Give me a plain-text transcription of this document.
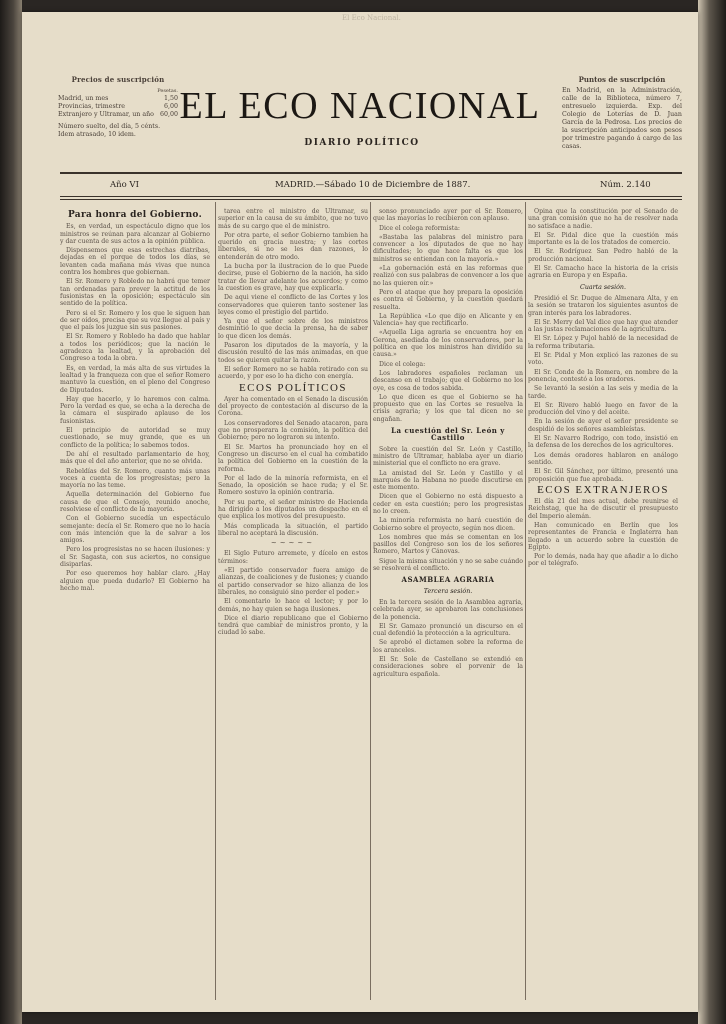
El Eco Nacional.
Precios de suscripción
Pesetas.
Madrid, un mes	1,50
Provincias, trimestre	6,00
Extranjero y Ultramar, un año 60,00
Número suelto, del día, 5 cénts. Idem atrasado, 10 idem.
EL ECO NACIONAL
DIARIO POLÍTICO
Puntos de suscripción
En Madrid, en la Administración, calle de la Biblioteca, número 7, entresuelo izquierda. Exp. del Colegio de Loterías de D. Juan García de la Pedrosa. Los precios de la suscripción anticipados son pesos por trimestre pagando á cargo de las casas.
Año VI	MADRID.—Sábado 10 de Diciembre de 1887.	Núm. 2.140
Para honra del Gobierno.

Es, en verdad, un espectáculo digno que los ministros se reúnan para alcanzar al Gobierno y dar cuenta de sus actos a la opinión pública.

Dispensemos que esas estrechas diatribas, dejadas en el porque de todos los días, se levanten cada mañana más vivas que nunca contra los hombres que gobiernan.

El Sr. Romero y Robledo no habrá que temer tan ordenadas para prever la actitud de los fusionistas en la oposición; espectáculo sin sentido de la política.

Pero si el Sr. Romero y los que le siguen han de ser oídos, precisa que su voz llegue al país y que el país los juzgue sin sus pasiones.

El Sr. Romero y Robledo ha dado que hablar a todos los periódicos; que la nación le agradezca la lealtad, y la aprobación del Congreso a toda la obra.

Es, en verdad, la más alta de sus virtudes la lealtad y la franqueza con que el señor Romero mantuvo la cuestión, en el pleno del Congreso de Diputados.

Hay que hacerlo, y lo haremos con calma. Pero la verdad es que, se echa a la derecha de la cámara el suspirado aplauso de los fusionistas.

El principio de autoridad se muy cuestionado, se muy grande, que es un conflicto de la política; lo sabemos todos.

De ahí el resultado parlamentario de hoy, más que el del año anterior, que no se olvida.

Rebeldías del Sr. Romero, cuanto más unas voces a cuenta de los progresistas; pero la mayoría no las teme.

Aquella determinación del Gobierno fue causa de que el Consejo, reunido anoche, resolviese el conflicto de la mayoría.

Con el Gobierno sucedía un espectáculo semejante: decía el Sr. Romero que no lo hacía con más intención que la de salvar a los amigos.

Pero los progresistas no se hacen ilusiones: y el Sr. Sagasta, con sus aciertos, no consigue disiparlas.

Por eso queremos hoy hablar claro. ¿Hay alguien que pueda dudarlo? El Gobierno ha hecho mal.

tarea entre el ministro de Ultramar, su superior en la causa de su ámbito, que no tuvo más de su cargo que el de ministro.

Por otra parte, el señor Gobierno tambien ha querido en gracia nuestra; y las cortes liberales, si no se les dan razones, lo entenderán de otro modo.

La bucha por la ilustracion de lo que Puede decirse, puse el Gobierno de la nación, ha sido tratar de llevar adelante los acuerdos; y como la cuestion es grave, hay que explicarla.

De aqui viene el conflicto de las Cortes y los conservadores que quieren tanto sostener las leyes como el prestigio del partido.

Ya que el señor sobre de los ministros desmintió lo que decia la prensa, ha de saber lo que dicen los demás.

Pasaron los diputados de la mayoría, y la discusión resultó de las más animadas, en que todos se quieren quitar la razón.

El señor Romero no se habla retirado con su acuerdo, y por eso lo ha dicho con energía.

ECOS POLÍTICOS

Ayer ha comentado en el Senado la discusión del proyecto de contestación al discurso de la Corona.

Los conservadores del Senado atacaron, para que no prosperara la comisión, la política del Gobierno; pero no lograron su intento.

El Sr. Martos ha pronunciado hoy en el Congreso un discurso en el cual ha combatido la política del Gobierno en la cuestión de la reforma.

Por el lado de la minoría reformista, en el Senado, la oposición se hace ruda; y el Sr. Romero sostuvo la opinión contraria.

Por su parte, el señor ministro de Hacienda ha dirigido a los diputados un despacho en el que explica los motivos del presupuesto.

Más complicada la situación, el partido liberal no aceptará la discusión.

~~~~~

El Siglo Futuro arremete, y dícelo en estos términos:

«El partido conservador fuera amigo de alianzas, de coaliciones y de fusiones; y cuando el partido conservador se hizo alianza de los liberales, no consiguió sino perder el poder.»

El comentario lo hace el lector; y por lo demás, no hay quien se haga ilusiones.

Dice el diario republicano que el Gobierno tendrá que cambiar de ministros pronto, y la ciudad lo sabe.

sonso pronunciado ayer por el Sr. Romero, que las mayorías lo recibieron con aplauso.

Dice el colega reformista:

«Bastaba las palabras del ministro para convencer a los diputados de que no hay dificultades; lo que hace falta es que los ministros se entiendan con la mayoría.»

«La gobernación está en las reformas que realizó con sus palabras de convencer a los que no las quieren oír.»

Pero el ataque que hoy prepara la oposición es contra el Gobierno, y la cuestión quedará resuelta.

La República «Lo que dijo en Alicante y en Valencia» hay que rectificarlo.

«Aquella Liga agraria se encuentra hoy en Gerona, asediada de los conservadores, por la política en que los ministros han dividido su causa.»

Dice el colega:

Los labradores españoles reclaman un descanso en el trabajo; que el Gobierno no los oye, es cosa de todos sabida.

Lo que dicen es que el Gobierno se ha propuesto que en las Cortes se resuelva la crisis agraria; y los que tal dicen no se engañan.

La cuestión del Sr. León y Castillo

Sobre la cuestión del Sr. León y Castillo, ministro de Ultramar, hablaba ayer un diario ministerial que el conflicto no era grave.

La amistad del Sr. León y Castillo y el marqués de la Habana no puede discutirse en este momento.

Dicen que el Gobierno no está dispuesto a ceder en esta cuestión; pero los progresistas no lo creen.

La minoría reformista no hará cuestión de Gobierno sobre el proyecto, según nos dicen.

Los nombres que más se comentan en los pasillos del Congreso son los de los señores Romero, Martos y Cánovas.

Sigue la misma situación y no se sabe cuándo se resolverá el conflicto.

ASAMBLEA AGRARIA
Tercera sesión.

En la tercera sesión de la Asamblea agraria, celebrada ayer, se aprobaron las conclusiones de la ponencia.

El Sr. Gamazo pronunció un discurso en el cual defendió la protección a la agricultura.

Se aprobó el dictamen sobre la reforma de los aranceles.

El Sr. Sole de Castellano se extendió en consideraciones sobre el porvenir de la agricultura española.

Opina que la constitución por el Senado de una gran comisión que no ha de resolver nada no satisface a nadie.

El Sr. Pidal dice que la cuestión más importante es la de los tratados de comercio.

El Sr. Rodríguez San Pedro habló de la producción nacional.

El Sr. Camacho hace la historia de la crisis agraria en Europa y en España.

Cuarta sesión.

Presidió el Sr. Duque de Almenara Alta, y en la sesión se trataron los siguientes asuntos de gran interés para los labradores.

El Sr. Merry del Val dice que hay que atender a las justas reclamaciones de la agricultura.

El Sr. López y Pujol habló de la necesidad de la reforma tributaria.

El Sr. Pidal y Mon explicó las razones de su voto.

El Sr. Conde de la Romera, en nombre de la ponencia, contestó a los oradores.

Se levantó la sesión a las seis y media de la tarde.

El Sr. Rivero habló luego en favor de la producción del vino y del aceite.

En la sesión de ayer el señor presidente se despidió de los señores asambleístas.

El Sr. Navarro Rodrigo, con todo, insistió en la defensa de los derechos de los agricultores.

Los demás oradores hablaron en análogo sentido.

El Sr. Gil Sánchez, por último, presentó una proposición que fue aprobada.

ECOS EXTRANJEROS

El día 21 del mes actual, debe reunirse el Reichstag, que ha de discutir el presupuesto del Imperio alemán.

Han comunicado en Berlín que los representantes de Francia e Inglaterra han llegado a un acuerdo sobre la cuestión de Egipto.

Por lo demás, nada hay que añadir a lo dicho por el telégrafo.
